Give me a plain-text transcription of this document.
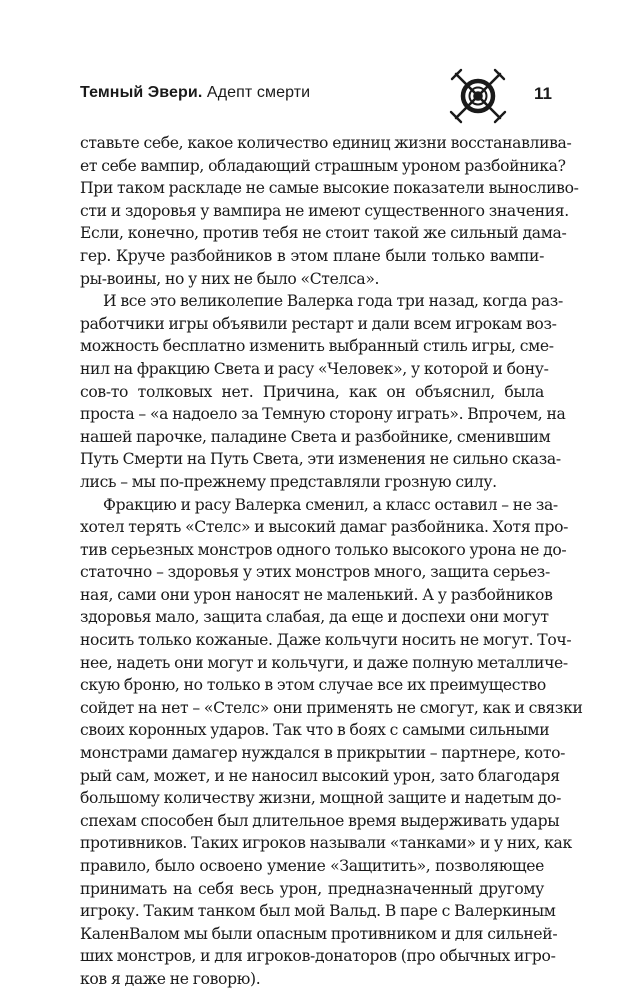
Темный Эвери. Адепт смерти	11

ставьте себе, какое количество единиц жизни восстанавлива-
ет себе вампир, обладающий страшным уроном разбойника?
При таком раскладе не самые высокие показатели выносливо-
сти и здоровья у вампира не имеют существенного значения.
Если, конечно, против тебя не стоит такой же сильный дама-
гер. Круче разбойников в этом плане были только вампи-
ры-воины, но у них не было «Стелса».

И все это великолепие Валерка года три назад, когда раз-
работчики игры объявили рестарт и дали всем игрокам воз-
можность бесплатно изменить выбранный стиль игры, сме-
нил на фракцию Света и расу «Человек», у которой и бону-
сов-то толковых нет. Причина, как он объяснил, была
проста – «а надоело за Темную сторону играть». Впрочем, на
нашей парочке, паладине Света и разбойнике, сменившим
Путь Смерти на Путь Света, эти изменения не сильно сказа-
лись – мы по-прежнему представляли грозную силу.

Фракцию и расу Валерка сменил, а класс оставил – не за-
хотел терять «Стелс» и высокий дамаг разбойника. Хотя про-
тив серьезных монстров одного только высокого урона не до-
статочно – здоровья у этих монстров много, защита серьез-
ная, сами они урон наносят не маленький. А у разбойников
здоровья мало, защита слабая, да еще и доспехи они могут
носить только кожаные. Даже кольчуги носить не могут. Точ-
нее, надеть они могут и кольчуги, и даже полную металличе-
скую броню, но только в этом случае все их преимущество
сойдет на нет – «Стелс» они применять не смогут, как и связки
своих коронных ударов. Так что в боях с самыми сильными
монстрами дамагер нуждался в прикрытии – партнере, кото-
рый сам, может, и не наносил высокий урон, зато благодаря
большому количеству жизни, мощной защите и надетым до-
спехам способен был длительное время выдерживать удары
противников. Таких игроков называли «танками» и у них, как
правило, было освоено умение «Защитить», позволяющее
принимать на себя весь урон, предназначенный другому
игроку. Таким танком был мой Вальд. В паре с Валеркиным
КаленВалом мы были опасным противником и для сильней-
ших монстров, и для игроков-донаторов (про обычных игро-
ков я даже не говорю).
